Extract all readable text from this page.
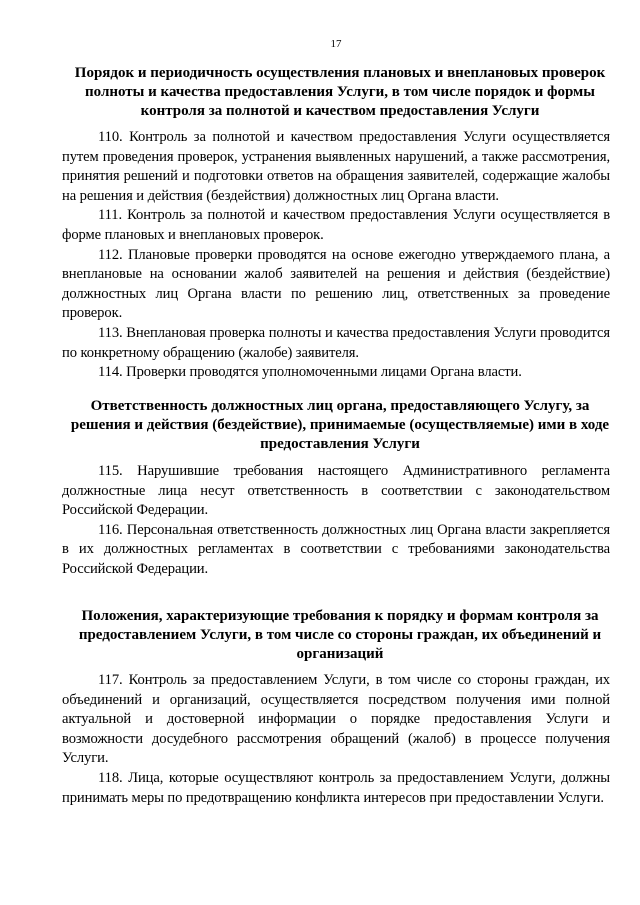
17
Порядок и периодичность осуществления плановых и внеплановых проверок полноты и качества предоставления Услуги, в том числе порядок и формы контроля за полнотой и качеством предоставления Услуги

110. Контроль за полнотой и качеством предоставления Услуги осуществляется путем проведения проверок, устранения выявленных нарушений, а также рассмотрения, принятия решений и подготовки ответов на обращения заявителей, содержащие жалобы на решения и действия (бездействия) должностных лиц Органа власти.

111. Контроль за полнотой и качеством предоставления Услуги осуществляется в форме плановых и внеплановых проверок.

112. Плановые проверки проводятся на основе ежегодно утверждаемого плана, а внеплановые на основании жалоб заявителей на решения и действия (бездействие) должностных лиц Органа власти по решению лиц, ответственных за проведение проверок.

113. Внеплановая проверка полноты и качества предоставления Услуги проводится по конкретному обращению (жалобе) заявителя.

114. Проверки проводятся уполномоченными лицами Органа власти.

Ответственность должностных лиц органа, предоставляющего Услугу, за решения и действия (бездействие), принимаемые (осуществляемые) ими в ходе предоставления Услуги

115. Нарушившие требования настоящего Административного регламента должностные лица несут ответственность в соответствии с законодательством Российской Федерации.

116. Персональная ответственность должностных лиц Органа власти закрепляется в их должностных регламентах в соответствии с требованиями законодательства Российской Федерации.

Положения, характеризующие требования к порядку и формам контроля за предоставлением Услуги, в том числе со стороны граждан, их объединений и организаций

117. Контроль за предоставлением Услуги, в том числе со стороны граждан, их объединений и организаций, осуществляется посредством получения ими полной актуальной и достоверной информации о порядке предоставления Услуги и возможности досудебного рассмотрения обращений (жалоб) в процессе получения Услуги.

118. Лица, которые осуществляют контроль за предоставлением Услуги, должны принимать меры по предотвращению конфликта интересов при предоставлении Услуги.
